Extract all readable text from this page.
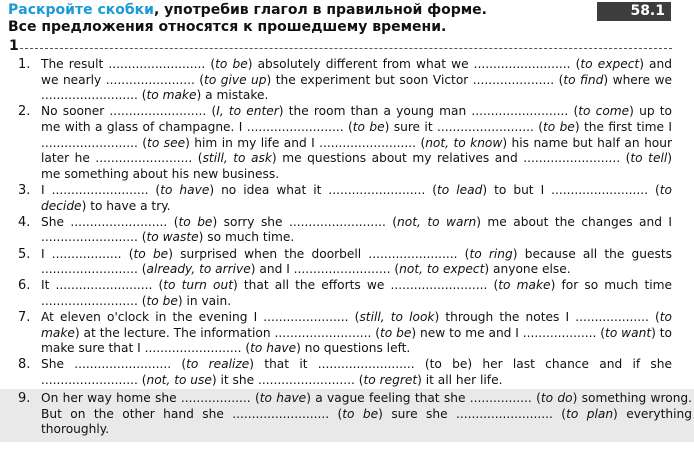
Раскройте скобки, употребив глагол в правильной форме.
Все предложения относятся к прошедшему времени.
58.1
1
1. The result ......................... (to be) absolutely different from what we ......................... (to expect) and we nearly ....................... (to give up) the experiment but soon Victor ..................... (to find) where we ......................... (to make) a mistake.
2. No sooner ......................... (I, to enter) the room than a young man ......................... (to come) up to me with a glass of champagne. I ......................... (to be) sure it ......................... (to be) the first time I ......................... (to see) him in my life and I ......................... (not, to know) his name but half an hour later he ......................... (still, to ask) me questions about my relatives and ......................... (to tell) me something about his new business.
3. I ......................... (to have) no idea what it ......................... (to lead) to but I ......................... (to decide) to have a try.
4. She ......................... (to be) sorry she ......................... (not, to warn) me about the changes and I ......................... (to waste) so much time.
5. I .................. (to be) surprised when the doorbell ....................... (to ring) because all the guests ......................... (already, to arrive) and I ......................... (not, to expect) anyone else.
6. It ......................... (to turn out) that all the efforts we ......................... (to make) for so much time ......................... (to be) in vain.
7. At eleven o'clock in the evening I ...................... (still, to look) through the notes I ................... (to make) at the lecture. The information ......................... (to be) new to me and I ................... (to want) to make sure that I ......................... (to have) no questions left.
8. She ......................... (to realize) that it ......................... (to be) her last chance and if she ......................... (not, to use) it she ......................... (to regret) it all her life.
9. On her way home she .................. (to have) a vague feeling that she ................ (to do) something wrong. But on the other hand she ......................... (to be) sure she ......................... (to plan) everything thoroughly.
